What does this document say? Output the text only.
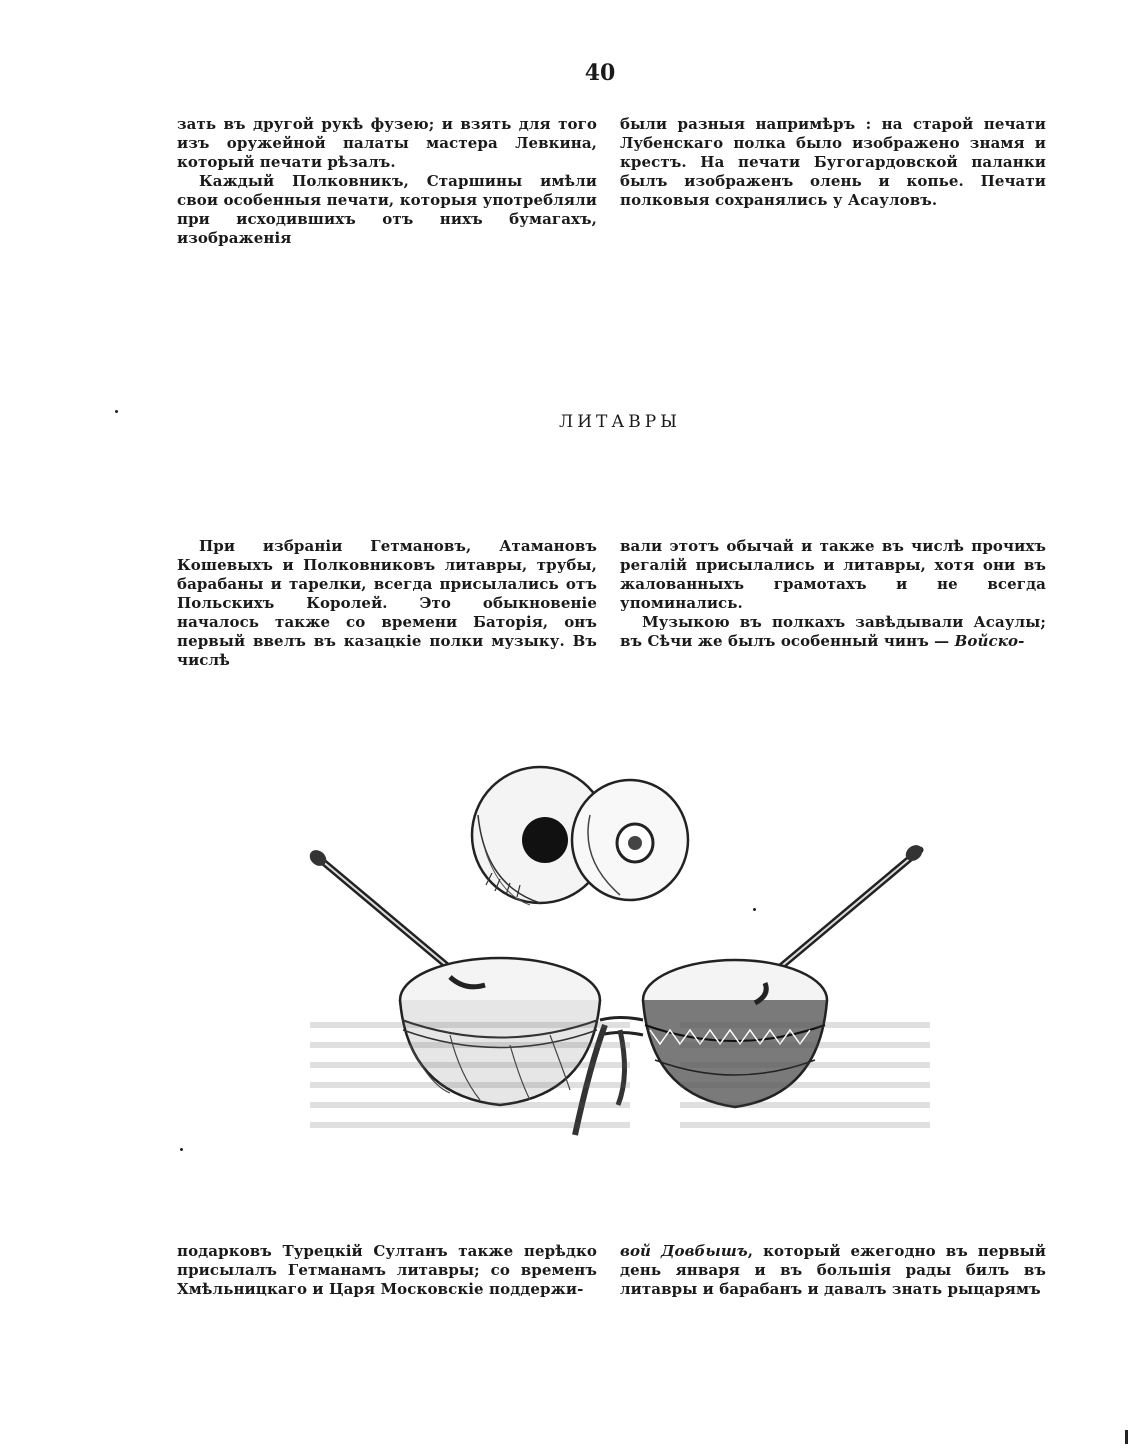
40

зать въ другой рукѣ фузею; и взять для того изъ оружейной палаты мастера Левкина, который печати рѣзалъ.

Каждый Полковникъ, Старшины имѣли свои особенныя печати, которыя употребляли при исходившихъ отъ нихъ бумагахъ, изображенія

были разныя напримѣръ : на старой печати Лубенскаго полка было изображено знамя и крестъ. На печати Бугогардовской паланки былъ изображенъ олень и копье. Печати полковыя сохранялись у Асауловъ.

ЛИТАВРЫ

При избраніи Гетмановъ, Атамановъ Кошевыхъ и Полковниковъ литавры, трубы, барабаны и тарелки, всегда присылались отъ Польскихъ Королей. Это обыкновеніе началось также со времени Баторія, онъ первый ввелъ въ казацкіе полки музыку. Въ числѣ

вали этотъ обычай и также въ числѣ прочихъ регалій присылались и литавры, хотя они въ жалованныхъ грамотахъ и не всегда упоминались.

Музыкою въ полкахъ завѣдывали Асаулы; въ Сѣчи же былъ особенный чинъ — Войско-

подарковъ Турецкій Султанъ также перѣдко присылалъ Гетманамъ литавры; со временъ Хмѣльницкаго и Царя Московскіе поддержи-

вой Довбышъ, который ежегодно въ первый день января и въ большія рады билъ въ литавры и барабанъ и давалъ знать рыцарямъ
